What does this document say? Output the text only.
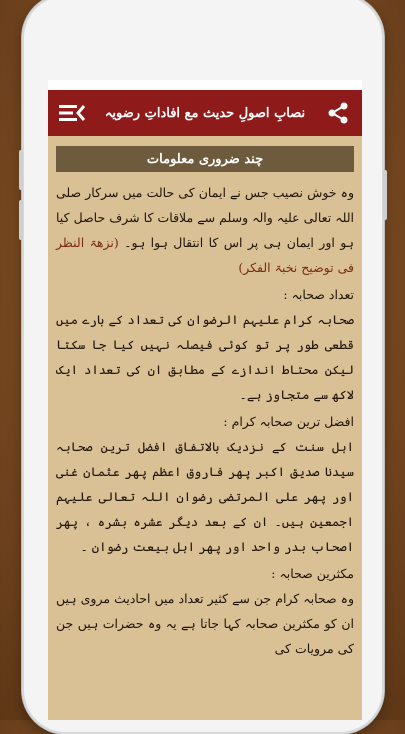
نصابِ اصولِ حدیث مع افاداتِ رضویہ
چند ضروری معلومات

وہ خوش نصیب جس نے ایمان کی حالت میں سرکار صلی اللہ تعالی علیہ والہ وسلم سے ملاقات کا شرف حاصل کیا ہو اور ایمان ہی پر اس کا انتقال ہوا ہو۔ (نزھۃ النظر فی توضیح نخبۃ الفکر)

تعداد صحابہ :

صحابہ کرام علیہم الرضوان کی تعداد کے بارے میں قطعی طور پر تو کوئی فیصلہ نہیں کیا جا سکتا لیکن محتاط اندازے کے مطابق ان کی تعداد ایک لاکھ سے متجاوز ہے۔

افضل ترین صحابہ کرام :

اہل سنت کے نزدیک بالاتفاق افضل ترین صحابہ سیدنا صدیق اکبر پھر فاروق اعظم پھر عثمان غنی اور پھر علی المرتضی رضوان اللہ تعالی علیہم اجمعین ہیں۔ ان کے بعد دیگر عشرہ بشرہ ، پھر اصحاب بدر واحد اور پھر اہل بیعت رضوان ۔

مکثرین صحابہ :

وہ صحابہ کرام جن سے کثیر تعداد میں احادیث مروی ہیں ان کو مکثرین صحابہ کہا جاتا ہے یہ وہ حضرات ہیں جن کی مرویات کی
